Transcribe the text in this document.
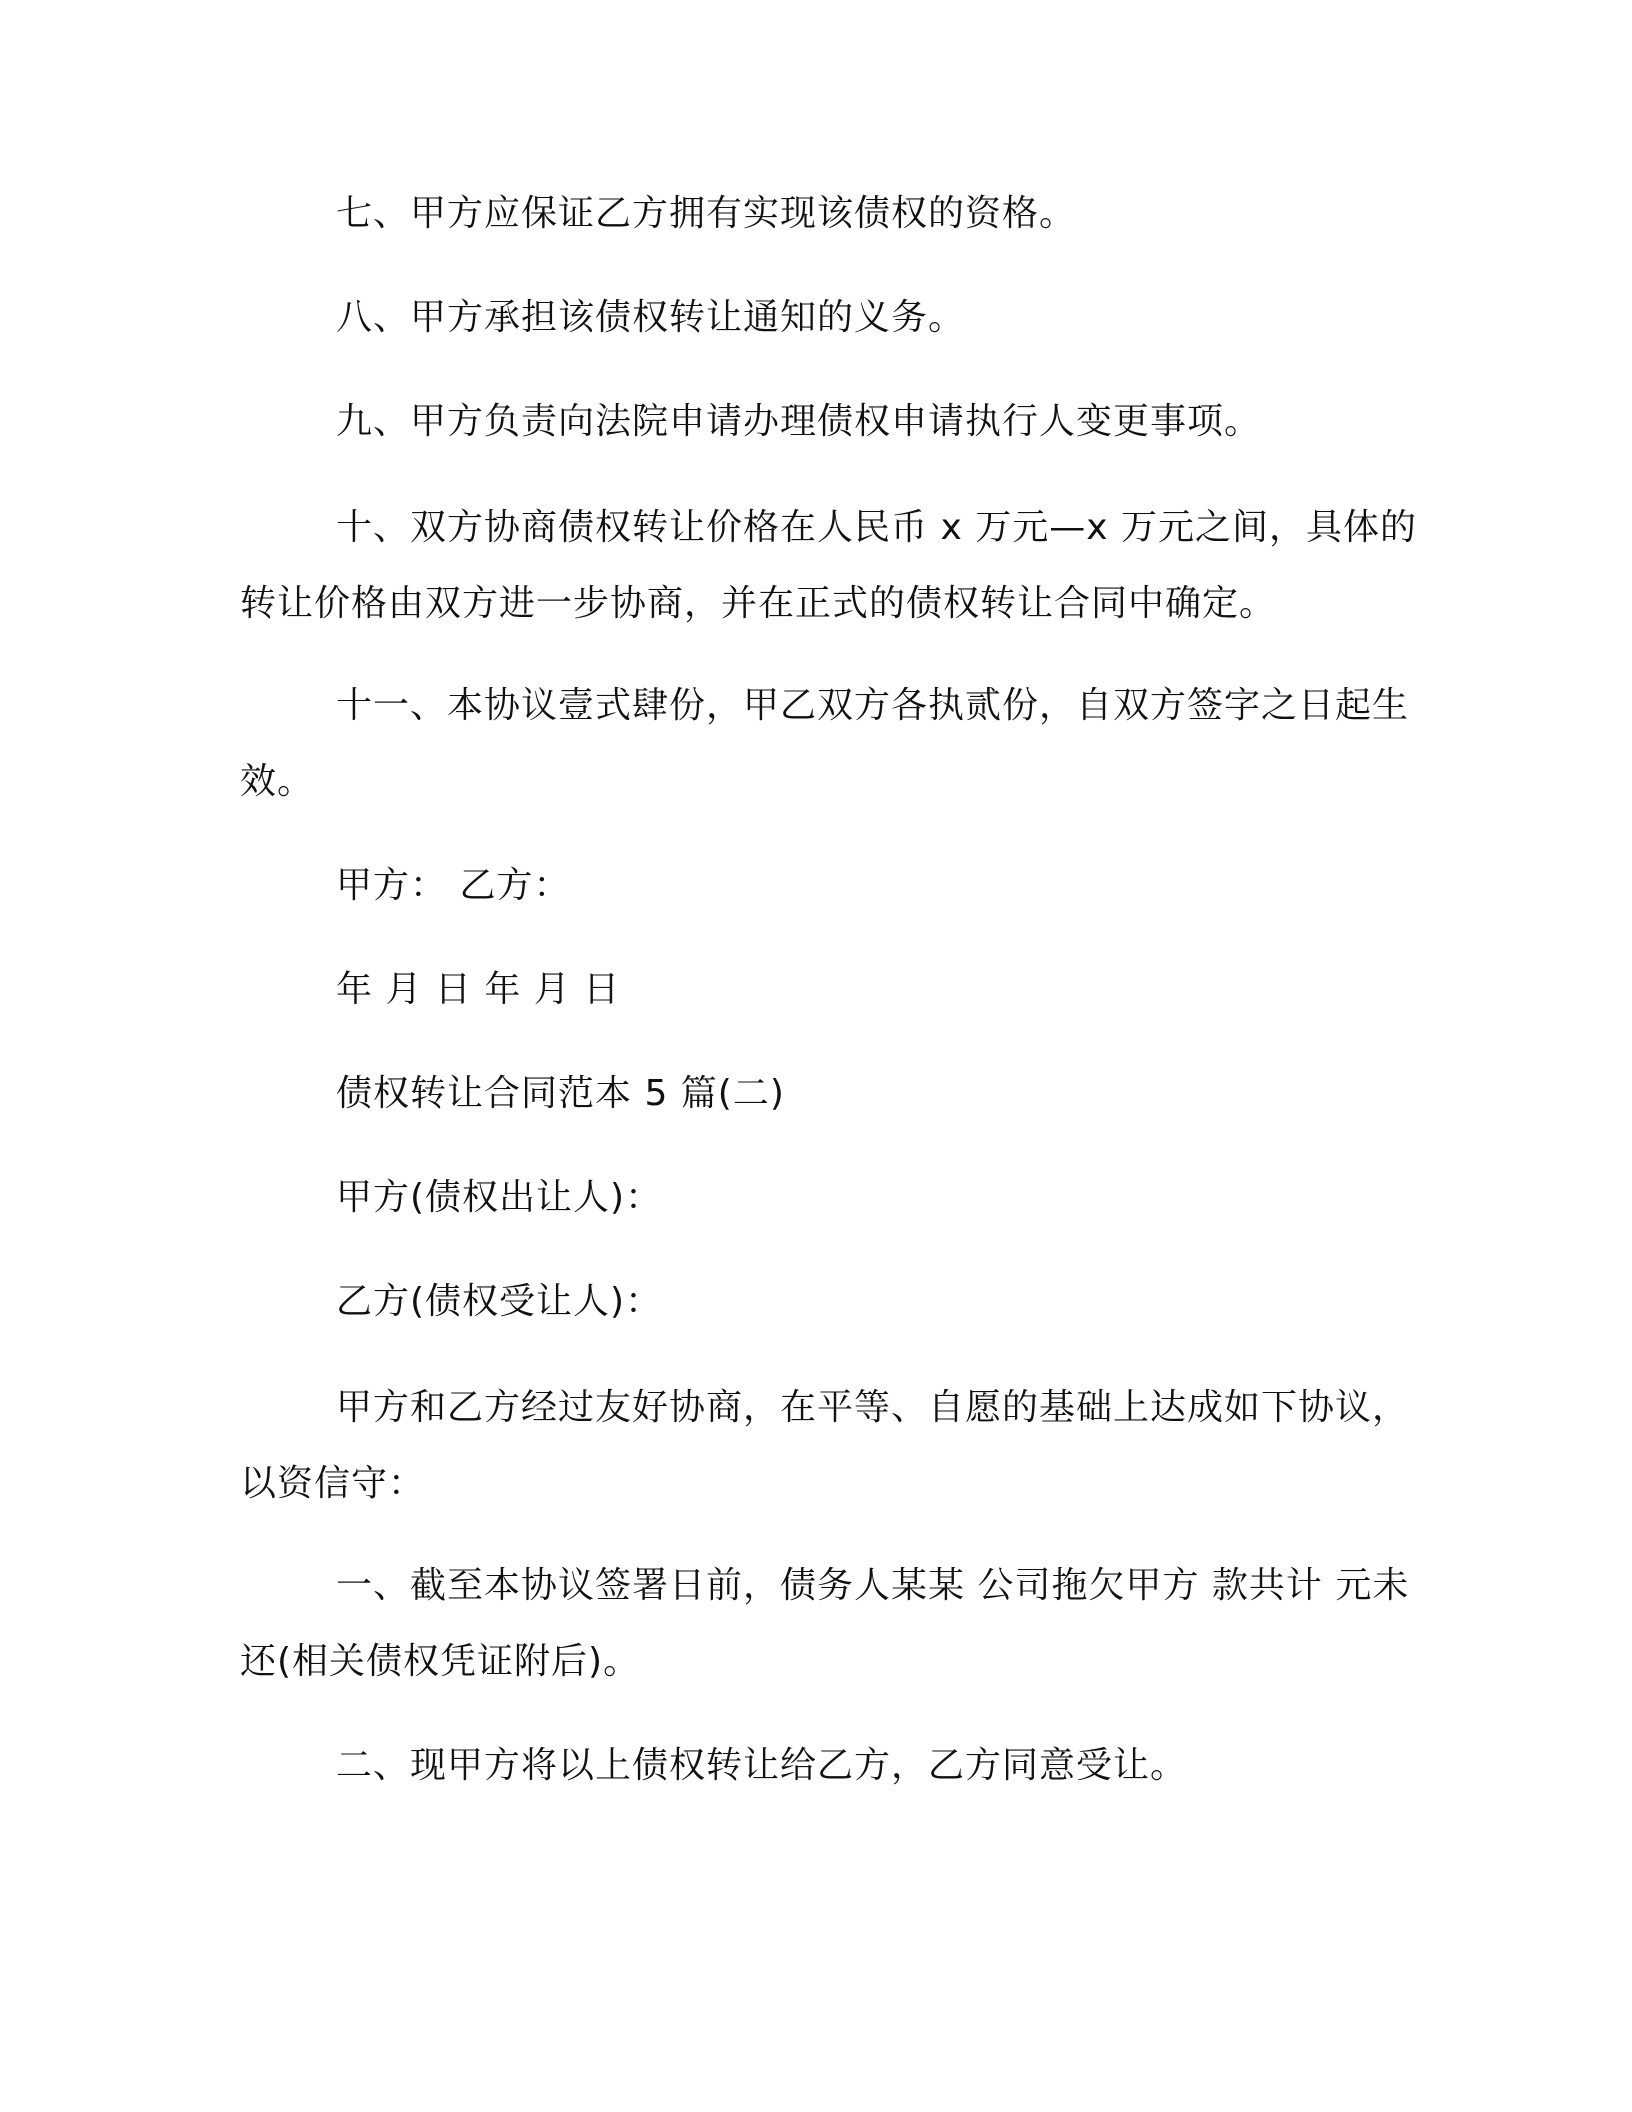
七、甲方应保证乙方拥有实现该债权的资格。

八、甲方承担该债权转让通知的义务。

九、甲方负责向法院申请办理债权申请执行人变更事项。

十、双方协商债权转让价格在人民币 x 万元—x 万元之间，具体的转让价格由双方进一步协商，并在正式的债权转让合同中确定。

十一、本协议壹式肆份，甲乙双方各执贰份，自双方签字之日起生效。

甲方： 乙方：

年 月 日 年 月 日

债权转让合同范本 5 篇(二)

甲方(债权出让人)：

乙方(债权受让人)：

甲方和乙方经过友好协商，在平等、自愿的基础上达成如下协议，以资信守：

一、截至本协议签署日前，债务人某某 公司拖欠甲方 款共计 元未还(相关债权凭证附后)。

二、现甲方将以上债权转让给乙方，乙方同意受让。
